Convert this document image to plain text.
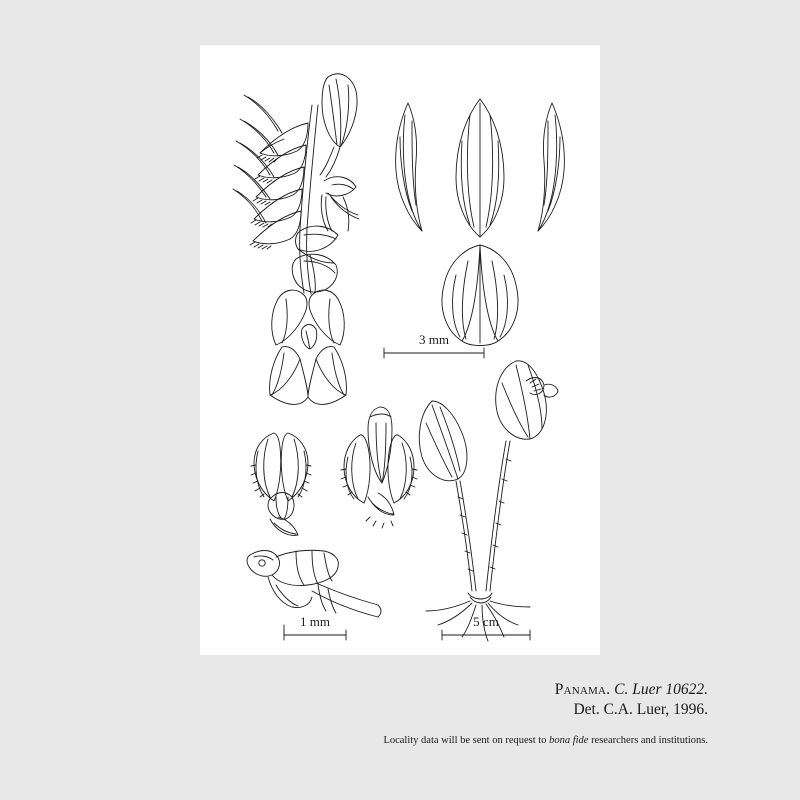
3 mm
1 mm	5 cm
Panama. C. Luer 10622.
Det. C.A. Luer, 1996.
Locality data will be sent on request to bona fide researchers and institutions.
